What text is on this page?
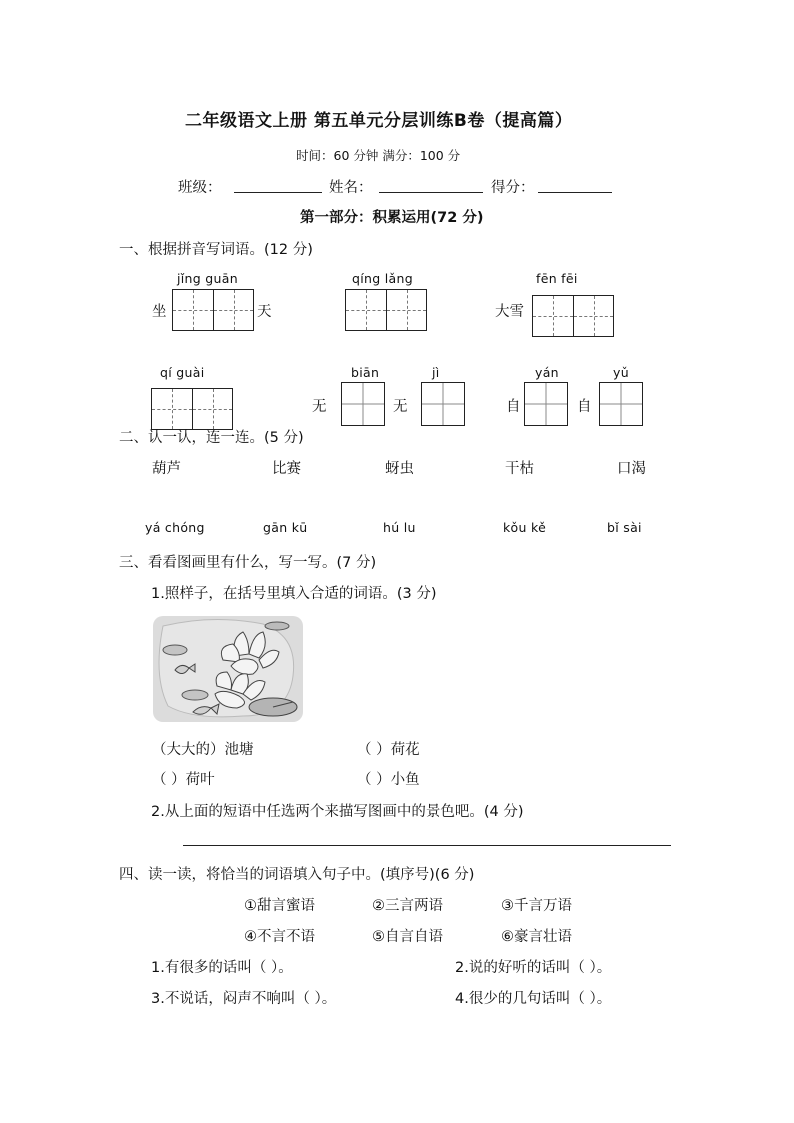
二年级语文上册 第五单元分层训练B卷（提高篇）
时间：60 分钟 满分：100 分
班级：	姓名：	得分：
第一部分：积累运用(72 分)
一、根据拼音写词语。(12 分)
jǐng guān
坐	天
qíng lǎng	fēn fēi
大雪
qí guài	biān
无
jì
无
yán
自
yǔ
自
二、认一认，连一连。(5 分)
葫芦	比赛	蚜虫	干枯	口渴
yá chóng	gān kū	hú lu	kǒu kě	bǐ sài
三、看看图画里有什么，写一写。(7 分)
1.照样子，在括号里填入合适的词语。(3 分)
（大大的）池塘	（ ）荷花
（ ）荷叶	（ ）小鱼
2.从上面的短语中任选两个来描写图画中的景色吧。(4 分)
四、读一读，将恰当的词语填入句子中。(填序号)(6 分)
①甜言蜜语	②三言两语	③千言万语
④不言不语	⑤自言自语	⑥豪言壮语
1.有很多的话叫（ ）。	2.说的好听的话叫（ ）。
3.不说话，闷声不响叫（ ）。	4.很少的几句话叫（ ）。
